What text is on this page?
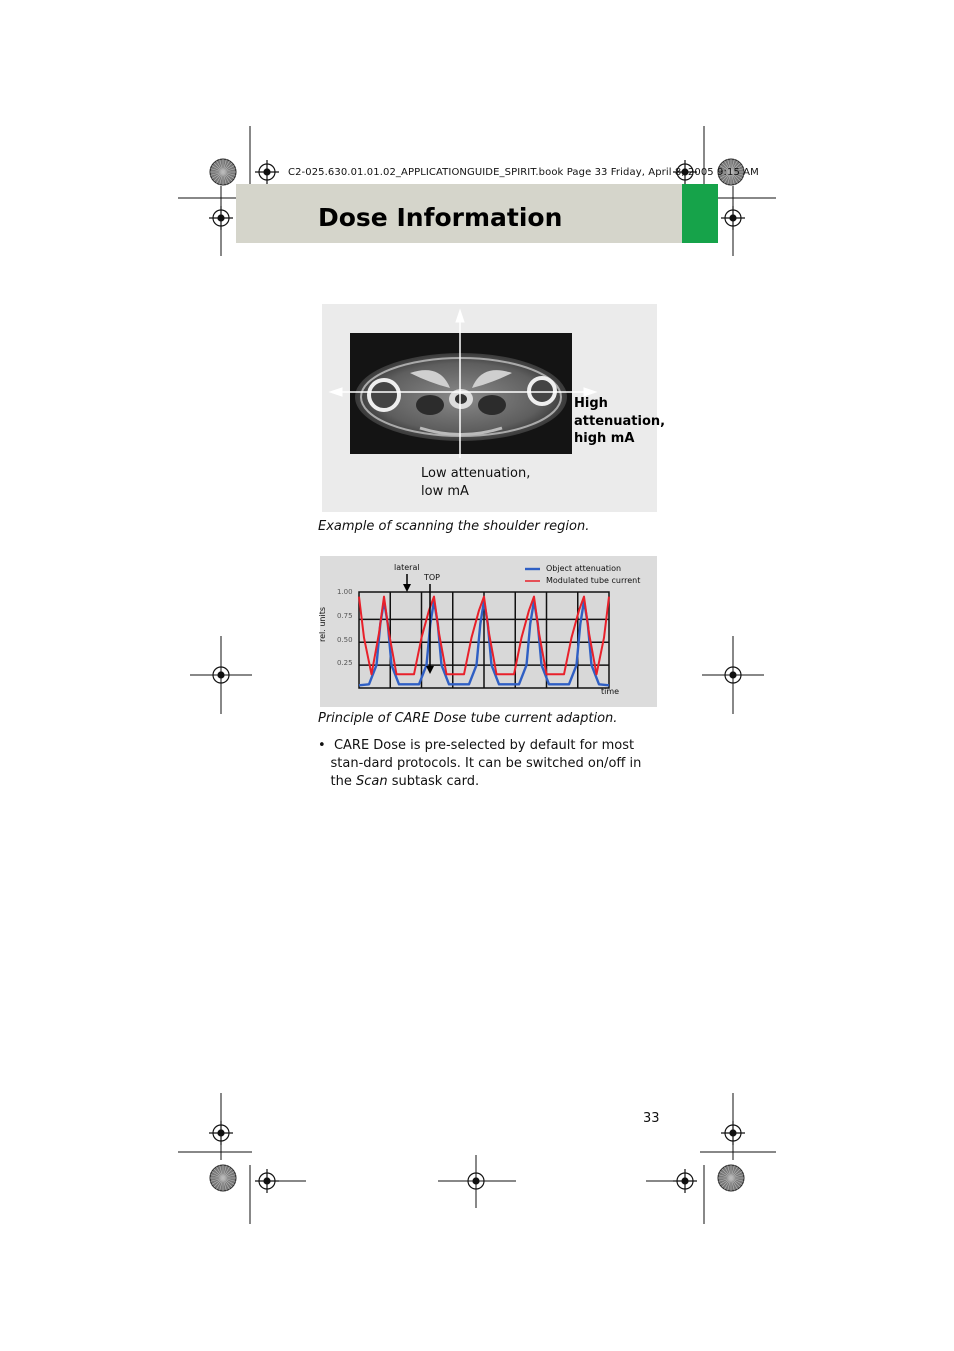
C2-025.630.01.01.02_APPLICATIONGUIDE_SPIRIT.book Page 33 Friday, April 8, 2005 9:15 AM
Dose Information
High
attenuation,
high mA
Low attenuation,
low mA
Example of scanning the shoulder region.
lateral
TOP
Object attenuation
Modulated tube current
1.00
0.75
0.50
0.25
rel. units
time
Principle of CARE Dose tube current adaption.

• CARE Dose is pre-selected by default for most stan-dard protocols. It can be switched on/off in the Scan subtask card.

33
